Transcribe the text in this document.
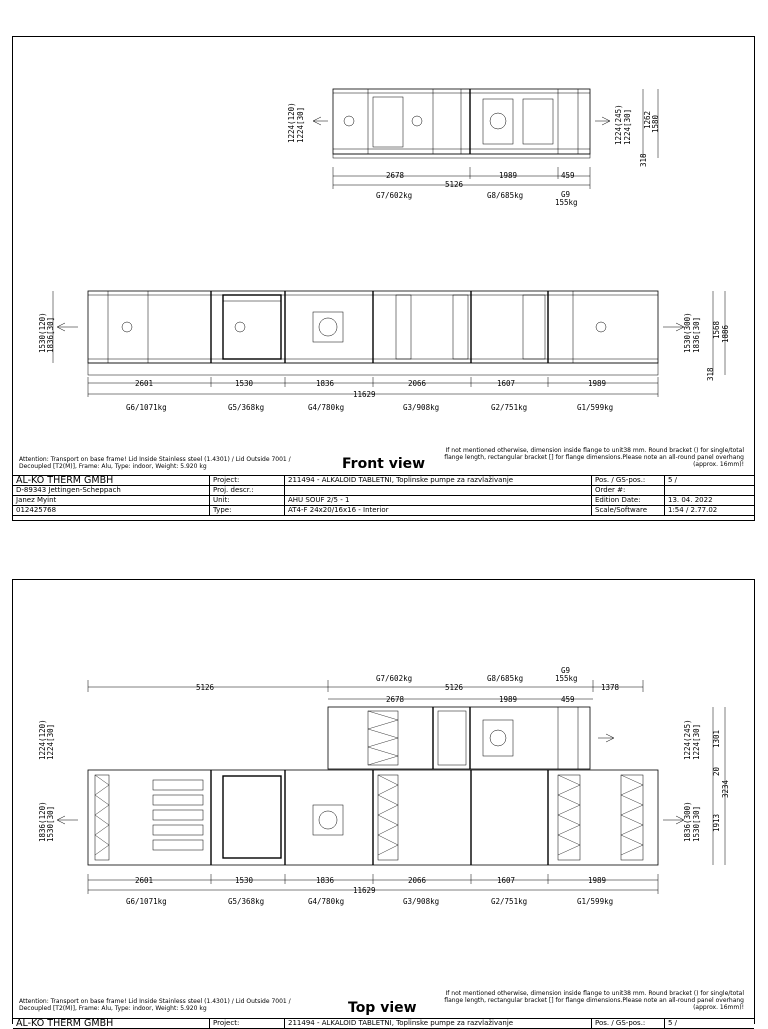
2678	1989	459
5126
G7/602kg	G8/685kg	G9
155kg
1224(120) 1224[30]	1224(245) 1224[30] 1262 1580
318
2601	1530	1836	2066	1607	1989
11629
G6/1071kg	G5/368kg	G4/780kg	G3/908kg	G2/751kg	G1/599kg
1530(120) 1836[30]	1530(300) 1836[30] 1568 1886
318
Attention: Transport on base frame! Lid Inside Stainless steel (1.4301) / Lid Outside 7001 / Decoupled [T2(M)], Frame: Alu, Type: indoor, Weight: 5.920 kg
If not mentioned otherwise, dimension inside flange to unit38 mm. Round bracket () for single/total flange length, rectangular bracket [] for flange dimensions.Please note an all-round panel overhang (approx. 16mm)!
Front view
AL-KO THERM GMBH	Project:	211494 - ALKALOID TABLETNI, Toplinske pumpe za razvlaživanje	Pos. / GS-pos.:	5 /
D-89343 Jettingen-Scheppach	Proj. descr.:		Order #:	
Janez Myint	Unit:	AHU SOUF 2/5 - 1	Edition Date:	13. 04. 2022
012425768	Type:	AT4-F 24x20/16x16 - Interior	Scale/Software	1:54 / 2.77.02
5126	5126	1378
G7/602kg	G8/685kg
G9
155kg
2678	1989	459
2601	1530	1836	2066	1607	1989
11629
G6/1071kg	G5/368kg	G4/780kg	G3/908kg	G2/751kg	G1/599kg
1224(120) 1224[30]
1836(120) 1530[30]
1224(245) 1224[30]
1836(300) 1530[30]
1301
20
3234
1913
Attention: Transport on base frame! Lid Inside Stainless steel (1.4301) / Lid Outside 7001 / Decoupled [T2(M)], Frame: Alu, Type: indoor, Weight: 5.920 kg
If not mentioned otherwise, dimension inside flange to unit38 mm. Round bracket () for single/total flange length, rectangular bracket [] for flange dimensions.Please note an all-round panel overhang (approx. 16mm)!
Top view
AL-KO THERM GMBH	Project:	211494 - ALKALOID TABLETNI, Toplinske pumpe za razvlaživanje	Pos. / GS-pos.:	5 /
